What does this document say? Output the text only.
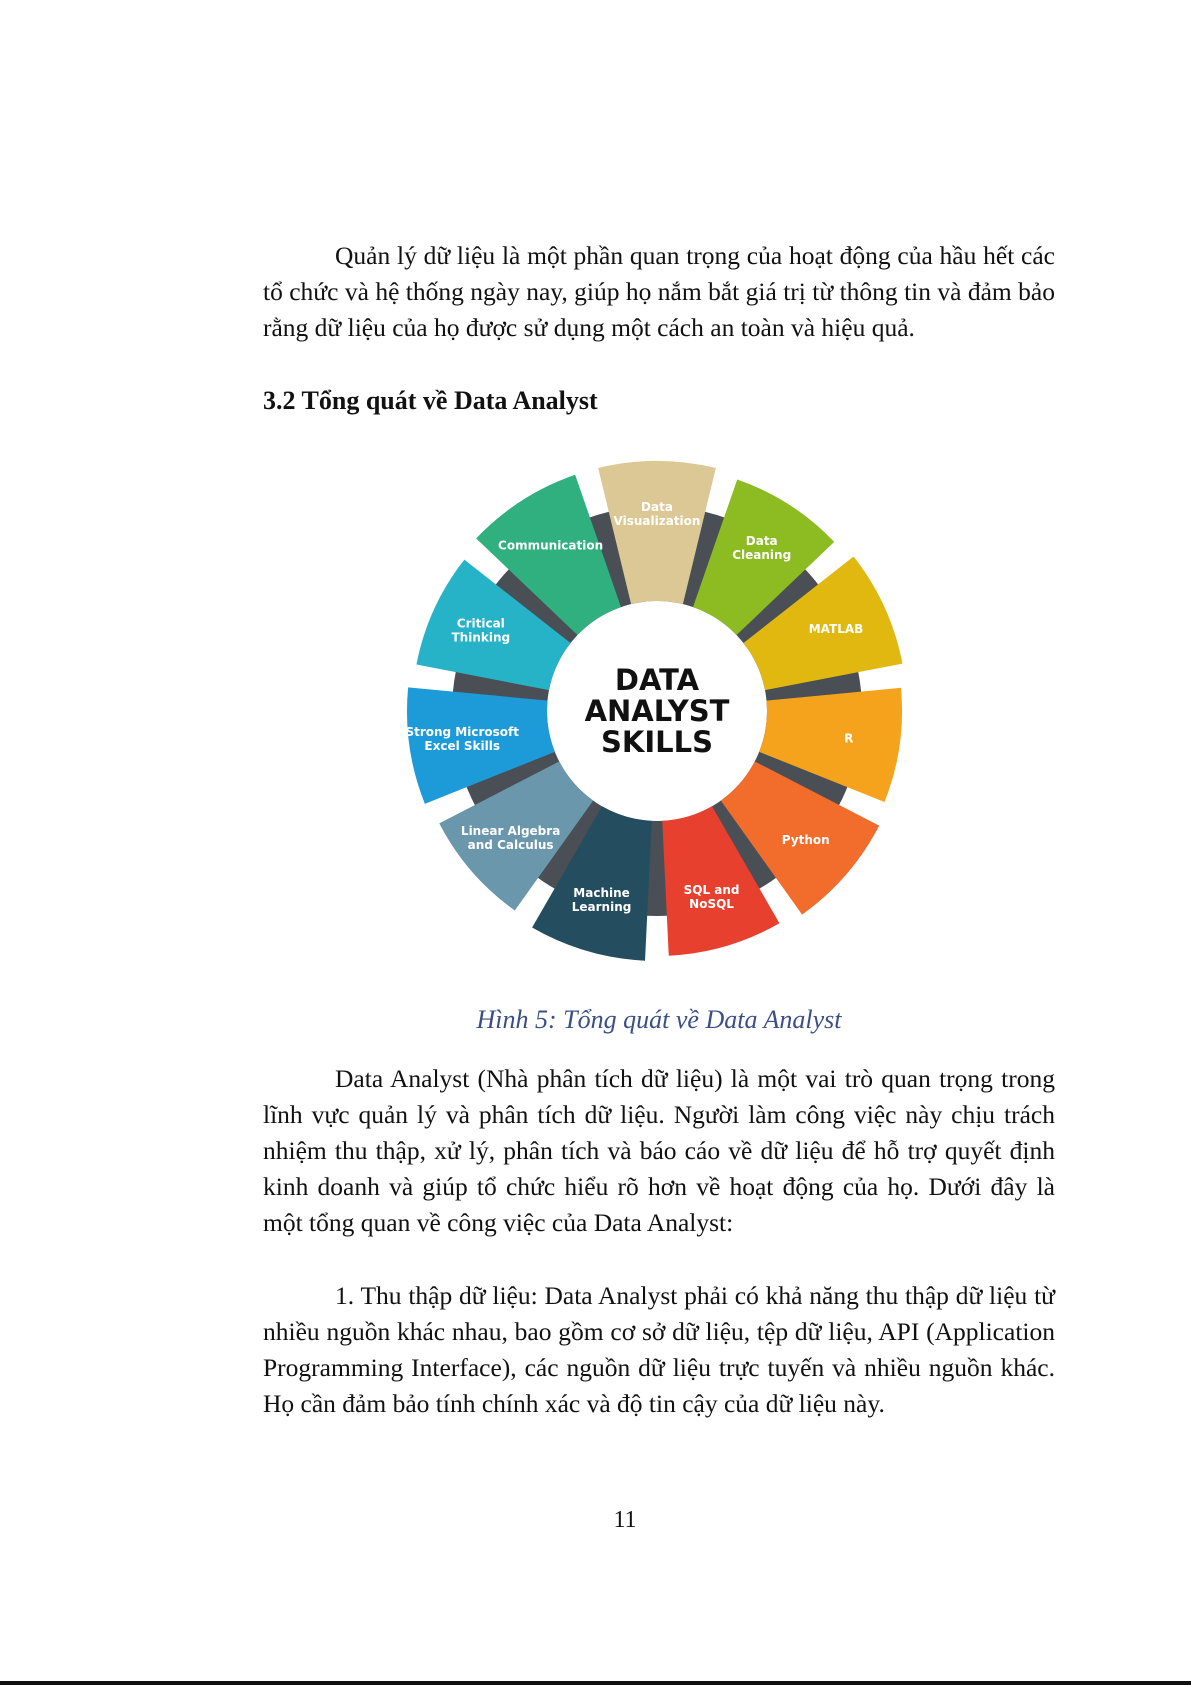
Quản lý dữ liệu là một phần quan trọng của hoạt động của hầu hết các tổ chức và hệ thống ngày nay, giúp họ nắm bắt giá trị từ thông tin và đảm bảo rằng dữ liệu của họ được sử dụng một cách an toàn và hiệu quả.

3.2 Tổng quát về Data Analyst
Data Visualization
Data Cleaning
MATLAB
R
Python
SQL and NoSQL
Machine Learning
Linear Algebra and Calculus
Strong Microsoft Excel Skills
Critical Thinking
Communication
DATA
ANALYST
SKILLS

Hình 5: Tổng quát về Data Analyst

Data Analyst (Nhà phân tích dữ liệu) là một vai trò quan trọng trong lĩnh vực quản lý và phân tích dữ liệu. Người làm công việc này chịu trách nhiệm thu thập, xử lý, phân tích và báo cáo về dữ liệu để hỗ trợ quyết định kinh doanh và giúp tổ chức hiểu rõ hơn về hoạt động của họ. Dưới đây là một tổng quan về công việc của Data Analyst:

1. Thu thập dữ liệu: Data Analyst phải có khả năng thu thập dữ liệu từ nhiều nguồn khác nhau, bao gồm cơ sở dữ liệu, tệp dữ liệu, API (Application Programming Interface), các nguồn dữ liệu trực tuyến và nhiều nguồn khác. Họ cần đảm bảo tính chính xác và độ tin cậy của dữ liệu này.

11
